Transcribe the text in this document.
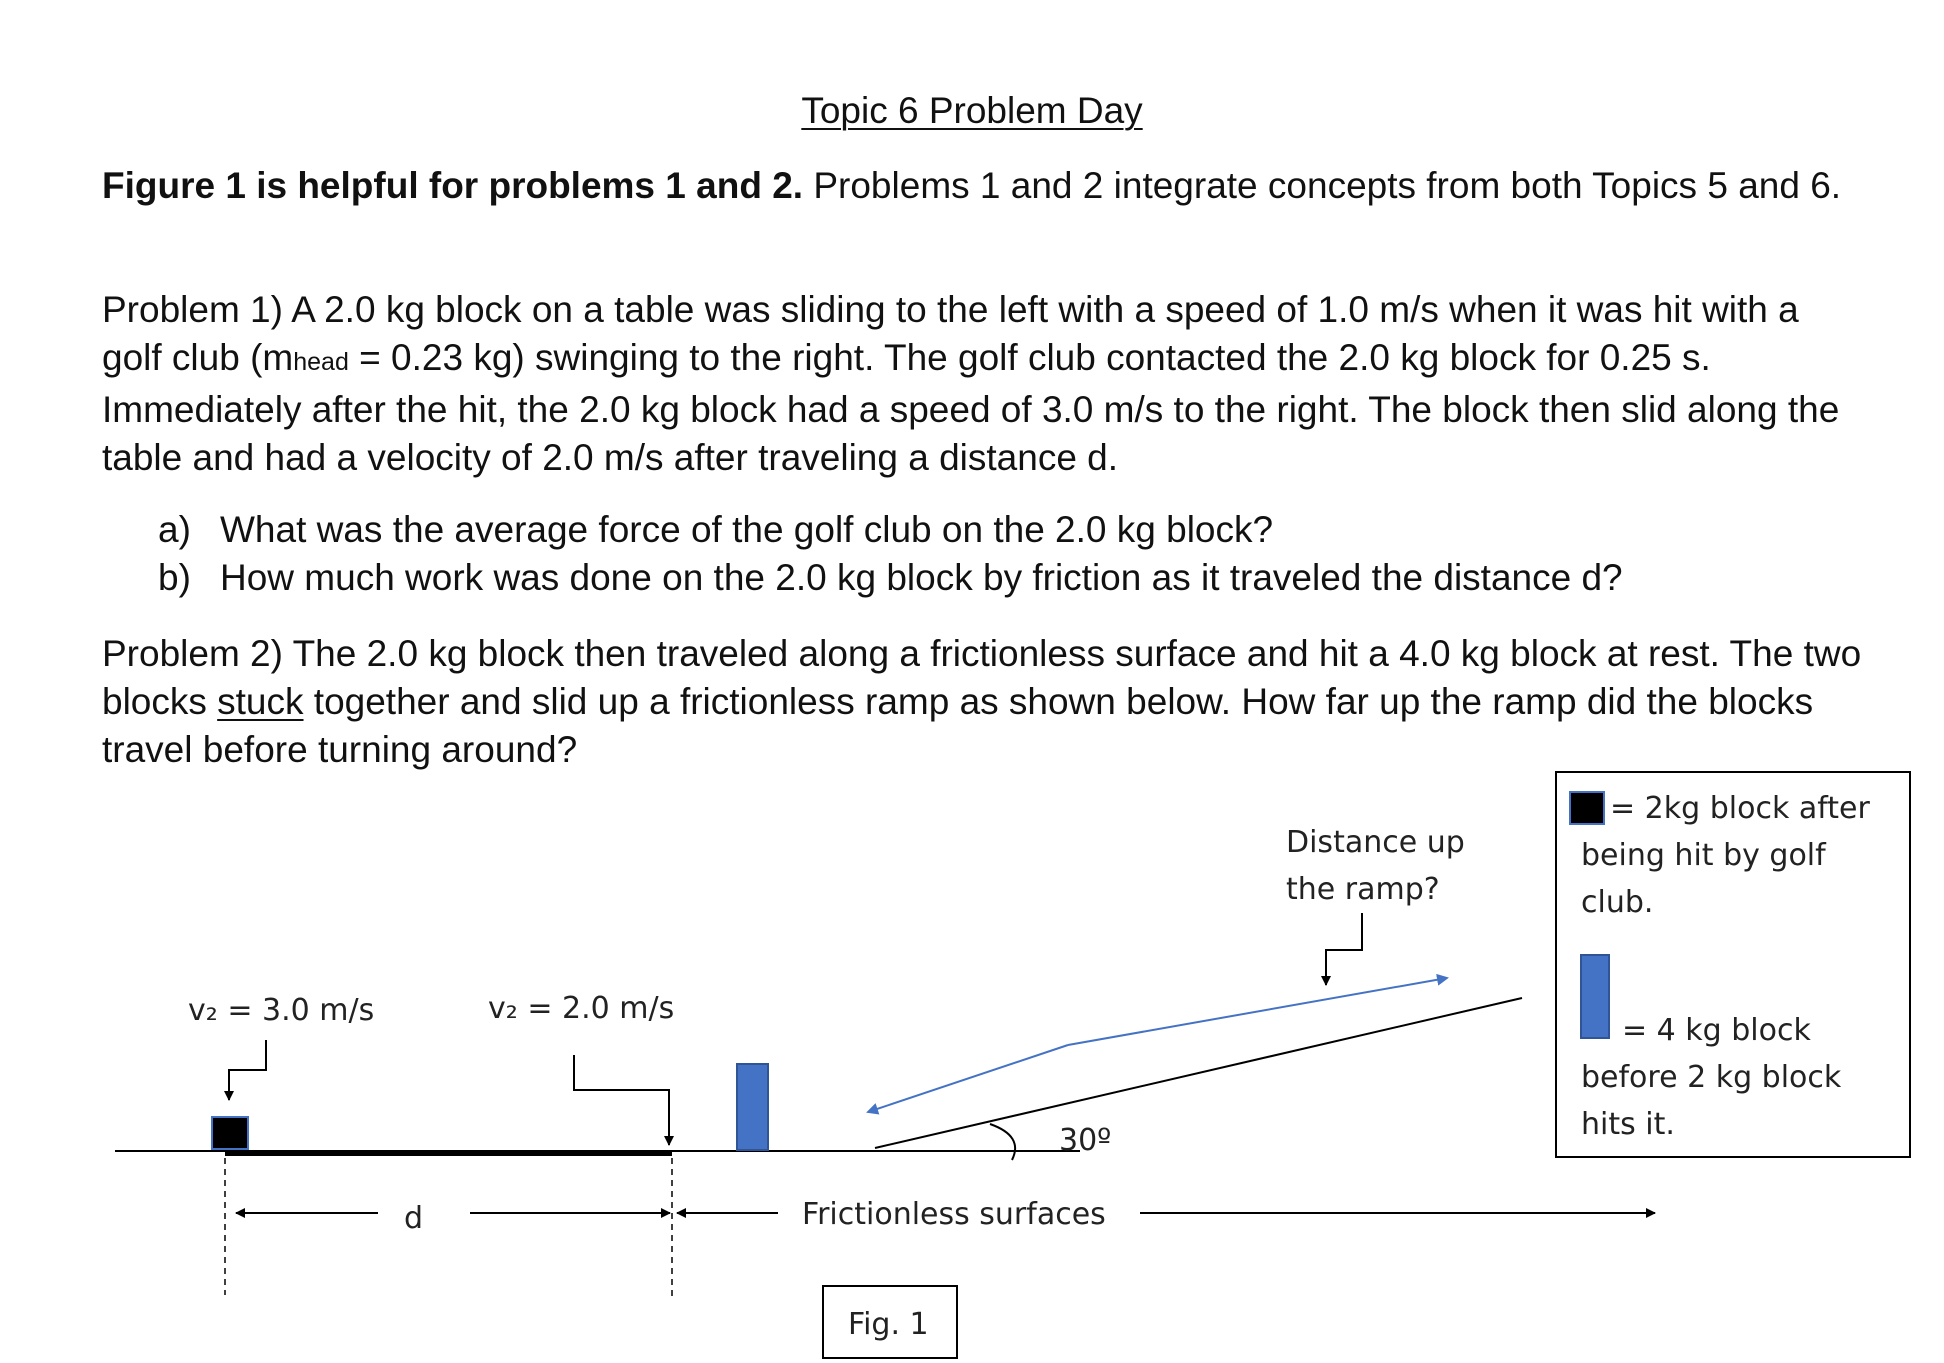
Topic 6 Problem Day

Figure 1 is helpful for problems 1 and 2. Problems 1 and 2 integrate concepts from both Topics 5 and 6.

Problem 1) A 2.0 kg block on a table was sliding to the left with a speed of 1.0 m/s when it was hit with a golf club (mhead = 0.23 kg) swinging to the right. The golf club contacted the 2.0 kg block for 0.25 s. Immediately after the hit, the 2.0 kg block had a speed of 3.0 m/s to the right. The block then slid along the table and had a velocity of 2.0 m/s after traveling a distance d.

a) What was the average force of the golf club on the 2.0 kg block?
b) How much work was done on the 2.0 kg block by friction as it traveled the distance d?

Problem 2) The 2.0 kg block then traveled along a frictionless surface and hit a 4.0 kg block at rest. The two blocks stuck together and slid up a frictionless ramp as shown below. How far up the ramp did the blocks travel before turning around?

v₂ = 3.0 m/s	v₂ = 2.0 m/s
d	Frictionless surfaces
30º
Distance up
the ramp?
= 2kg block after
being hit by golf
club.
= 4 kg block
before 2 kg block
hits it.
Fig. 1
